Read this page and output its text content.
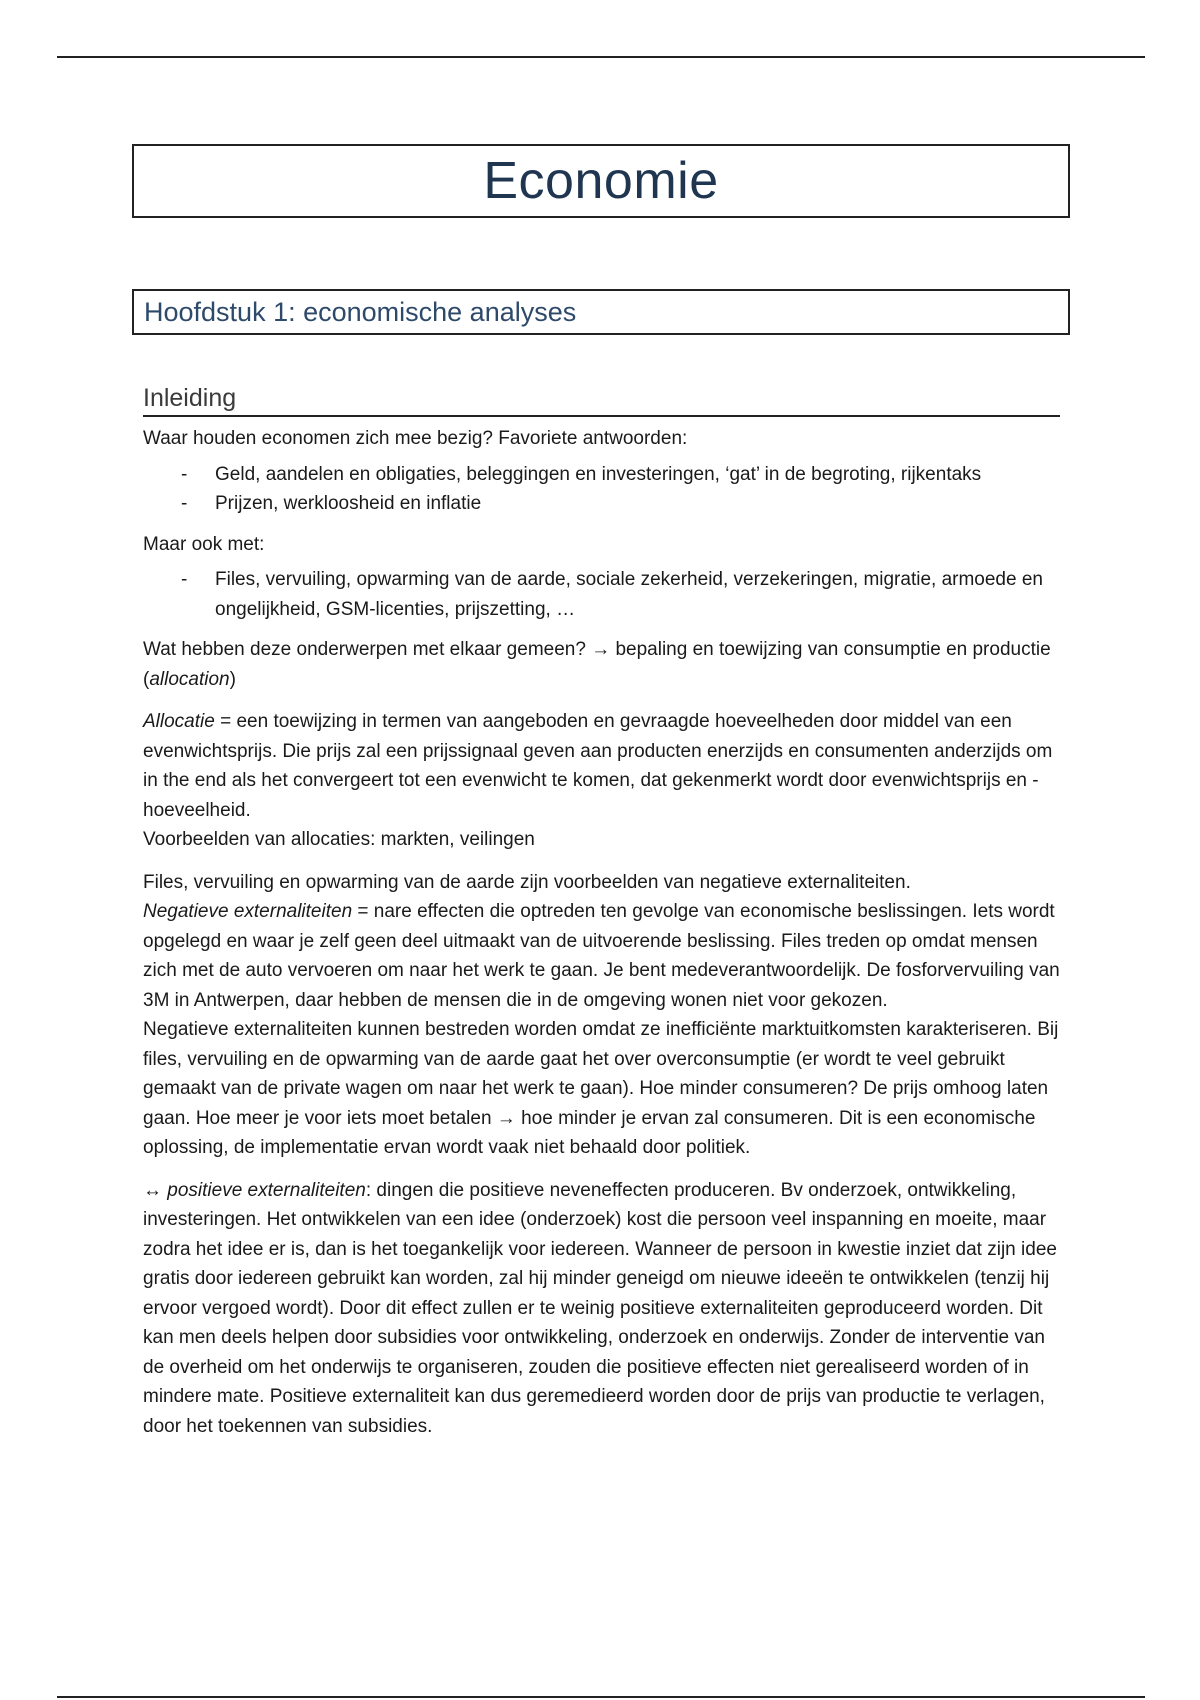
Economie
Hoofdstuk 1: economische analyses
Inleiding

Waar houden economen zich mee bezig? Favoriete antwoorden:

- Geld, aandelen en obligaties, beleggingen en investeringen, ‘gat’ in de begroting, rijkentaks
- Prijzen, werkloosheid en inflatie

Maar ook met:

- Files, vervuiling, opwarming van de aarde, sociale zekerheid, verzekeringen, migratie, armoede en ongelijkheid, GSM-licenties, prijszetting, …

Wat hebben deze onderwerpen met elkaar gemeen? → bepaling en toewijzing van consumptie en productie (allocation)

Allocatie = een toewijzing in termen van aangeboden en gevraagde hoeveelheden door middel van een evenwichtsprijs. Die prijs zal een prijssignaal geven aan producten enerzijds en consumenten anderzijds om in the end als het convergeert tot een evenwicht te komen, dat gekenmerkt wordt door evenwichtsprijs en -hoeveelheid.
Voorbeelden van allocaties: markten, veilingen

Files, vervuiling en opwarming van de aarde zijn voorbeelden van negatieve externaliteiten.
Negatieve externaliteiten = nare effecten die optreden ten gevolge van economische beslissingen. Iets wordt opgelegd en waar je zelf geen deel uitmaakt van de uitvoerende beslissing. Files treden op omdat mensen zich met de auto vervoeren om naar het werk te gaan. Je bent medeverantwoordelijk. De fosforvervuiling van 3M in Antwerpen, daar hebben de mensen die in de omgeving wonen niet voor gekozen.
Negatieve externaliteiten kunnen bestreden worden omdat ze inefficiënte marktuitkomsten karakteriseren. Bij files, vervuiling en de opwarming van de aarde gaat het over overconsumptie (er wordt te veel gebruikt gemaakt van de private wagen om naar het werk te gaan). Hoe minder consumeren? De prijs omhoog laten gaan. Hoe meer je voor iets moet betalen → hoe minder je ervan zal consumeren. Dit is een economische oplossing, de implementatie ervan wordt vaak niet behaald door politiek.

↔ positieve externaliteiten: dingen die positieve neveneffecten produceren. Bv onderzoek, ontwikkeling, investeringen. Het ontwikkelen van een idee (onderzoek) kost die persoon veel inspanning en moeite, maar zodra het idee er is, dan is het toegankelijk voor iedereen. Wanneer de persoon in kwestie inziet dat zijn idee gratis door iedereen gebruikt kan worden, zal hij minder geneigd om nieuwe ideeën te ontwikkelen (tenzij hij ervoor vergoed wordt). Door dit effect zullen er te weinig positieve externaliteiten geproduceerd worden. Dit kan men deels helpen door subsidies voor ontwikkeling, onderzoek en onderwijs. Zonder de interventie van de overheid om het onderwijs te organiseren, zouden die positieve effecten niet gerealiseerd worden of in mindere mate. Positieve externaliteit kan dus geremedieerd worden door de prijs van productie te verlagen, door het toekennen van subsidies.
